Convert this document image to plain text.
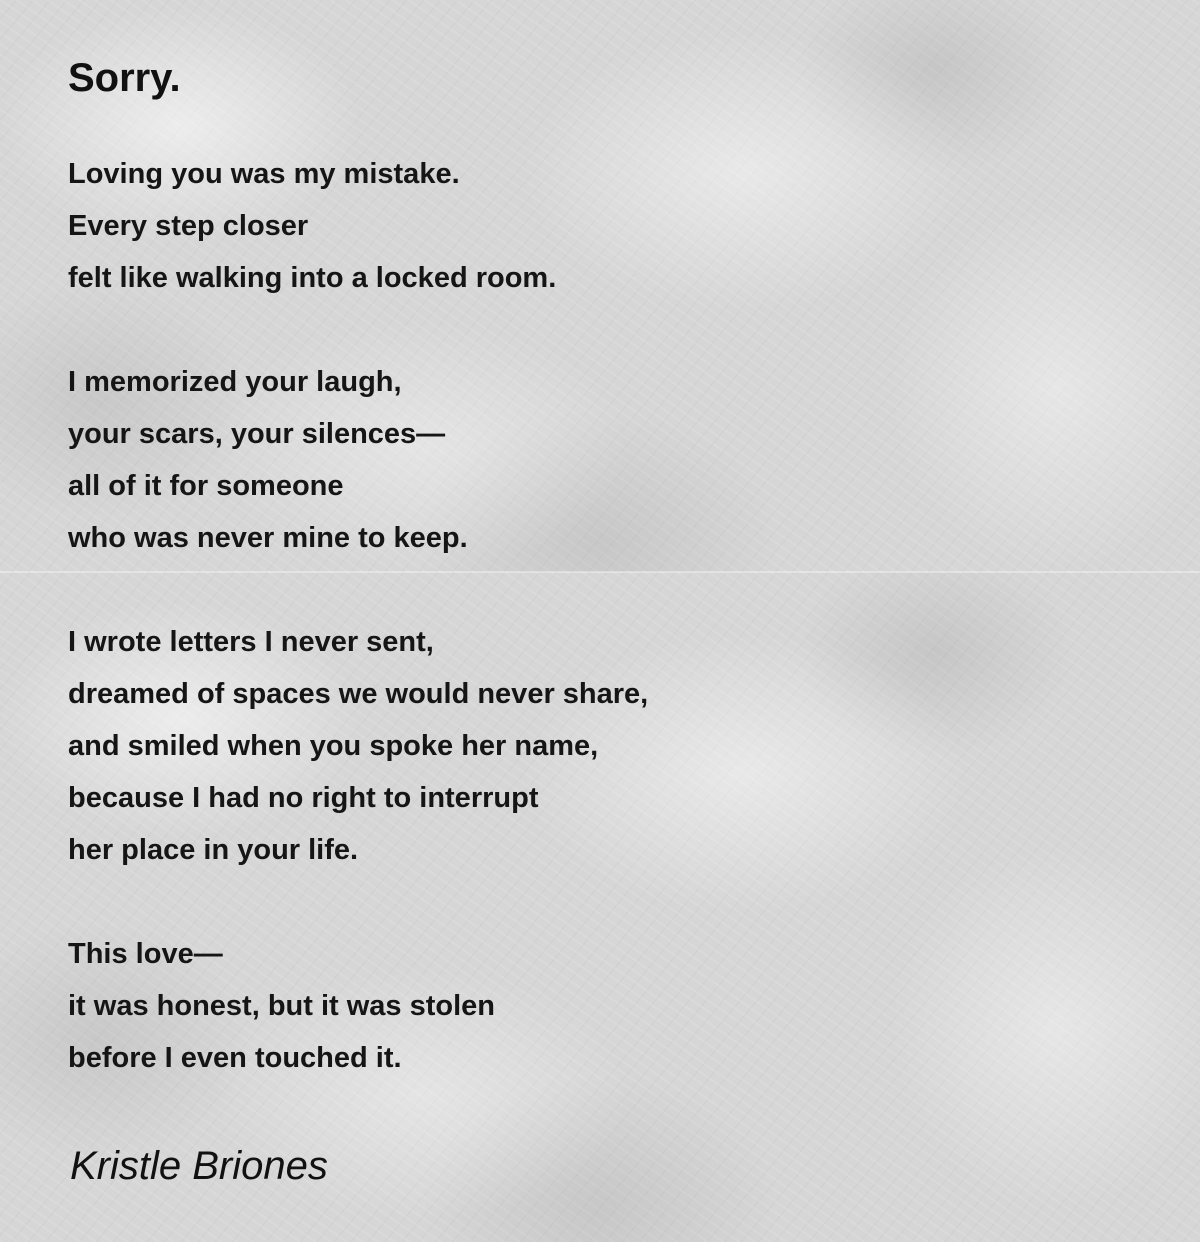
Sorry.
Loving you was my mistake.
Every step closer
felt like walking into a locked room.
I memorized your laugh,
your scars, your silences—
all of it for someone
who was never mine to keep.
I wrote letters I never sent,
dreamed of spaces we would never share,
and smiled when you spoke her name,
because I had no right to interrupt
her place in your life.
This love—
it was honest, but it was stolen
before I even touched it.
Kristle Briones
